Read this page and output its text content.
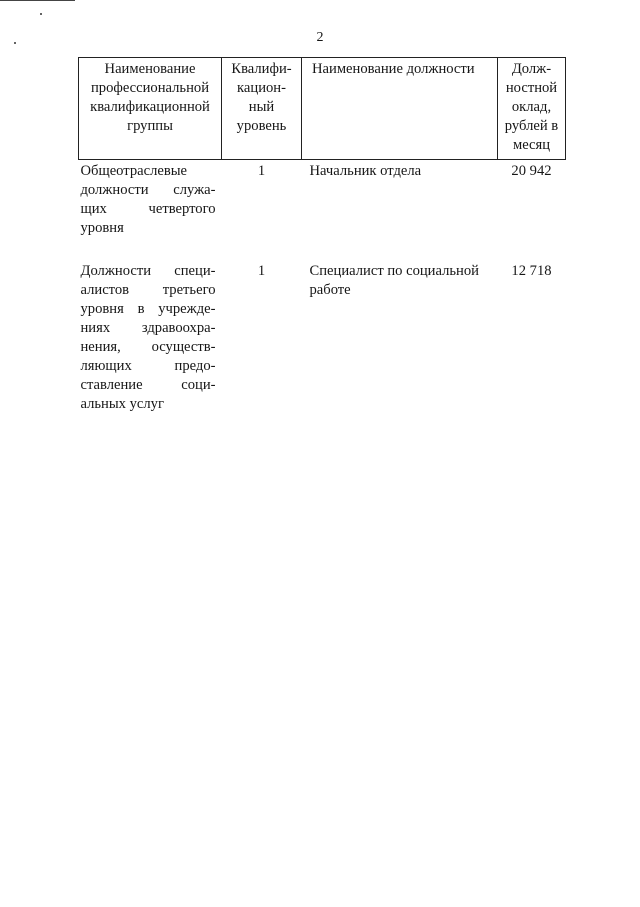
2
Наименование профессиональной квалификационной группы	Квалифи-кацион-ный уровень	Наименование должности	Долж-ностной оклад, рублей в месяц
Общеотраслевые должности служа-щих четвертого уровня	1	Начальник отдела	20 942
Должности специ-алистов третьего уровня в учрежде-ниях здравоохра-нения, осуществ-ляющих предо-ставление соци-альных услуг	1	Специалист по социальной работе	12 718
